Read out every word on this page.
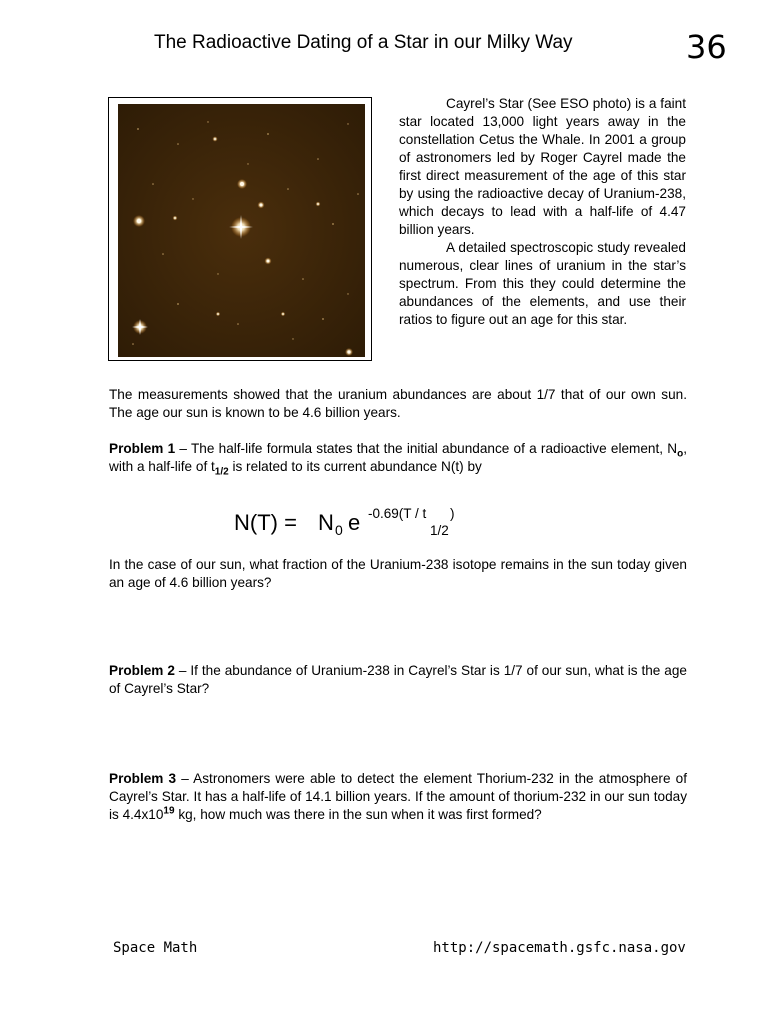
The Radioactive Dating of a Star in our Milky Way	36

Cayrel’s Star (See ESO photo) is a faint star located 13,000 light years away in the constellation Cetus the Whale. In 2001 a group of astronomers led by Roger Cayrel made the first direct measurement of the age of this star by using the radioactive decay of Uranium-238, which decays to lead with a half-life of 4.47 billion years.

A detailed spectroscopic study revealed numerous, clear lines of uranium in the star’s spectrum. From this they could determine the abundances of the elements, and use their ratios to figure out an age for this star.

The measurements showed that the uranium abundances are about 1/7 that of our own sun. The age our sun is known to be 4.6 billion years.

Problem 1 – The half-life formula states that the initial abundance of a radioactive element, $N_o$, with a half-life of $t_{1/2}$ is related to its current abundance N(t) by

N(T) = N 0 e -0.69(T / t
1/2
)

In the case of our sun, what fraction of the Uranium-238 isotope remains in the sun today given an age of 4.6 billion years?

Problem 2 – If the abundance of Uranium-238 in Cayrel’s Star is 1/7 of our sun, what is the age of Cayrel’s Star?

Problem 3 – Astronomers were able to detect the element Thorium-232 in the atmosphere of Cayrel’s Star. It has a half-life of 14.1 billion years. If the amount of thorium-232 in our sun today is $4.4x10^{19}$ kg, how much was there in the sun when it was first formed?

Space Math	http://spacemath.gsfc.nasa.gov
